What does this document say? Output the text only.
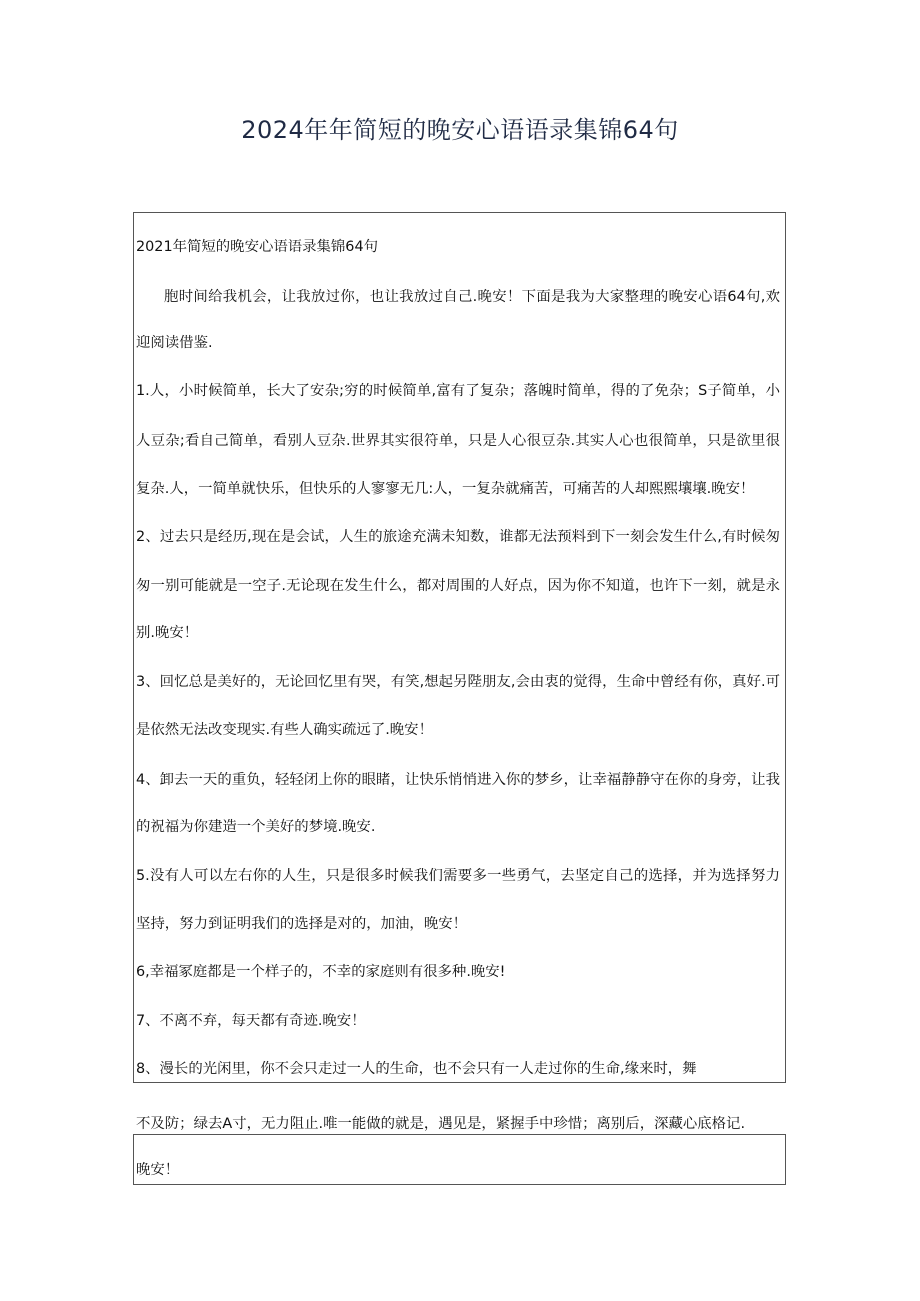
2024年年简短的晚安心语语录集锦64句
2021年简短的晚安心语语录集锦64句
胞时间给我机会，让我放过你，也让我放过自己.晚安！下面是我为大家整理的晚安心语64句,欢
迎阅读借鉴.
1.人，小时候简单，长大了安杂;穷的时候简单,富有了复杂；落魄时简单，得的了免杂；S子简单，小
人豆杂;看自己简单，看别人豆杂.世界其实很符单，只是人心很豆杂.其实人心也很简单，只是欲里很
复杂.人，一简单就快乐，但快乐的人寥寥无几:人，一复杂就痛苦，可痛苦的人却熙熙壤壤.晚安！
2、过去只是经历,现在是会试，人生的旅途充满未知数，谁都无法预料到下一刻会发生什么,有时候匆
匆一别可能就是一空子.无论现在发生什么，都对周围的人好点，因为你不知道，也许下一刻，就是永
别.晚安！
3、回忆总是美好的，无论回忆里有哭，有笑,想起另陛朋友,会由衷的觉得，生命中曾经有你，真好.可
是依然无法改变现实.有些人确实疏远了.晚安！
4、卸去一天的重负，轻轻闭上你的眼睹，让快乐悄悄进入你的梦乡，让幸福静静守在你的身旁，让我
的祝福为你建造一个美好的梦境.晚安.
5.没有人可以左右你的人生，只是很多时候我们需要多一些勇气，去坚定自己的选择，并为选择努力
坚持，努力到证明我们的选择是对的，加油，晚安！
6,幸福冢庭都是一个样子的，不幸的家庭则有很多种.晚安!
7、不离不弃，每天都有奇迹.晚安！
8、漫长的光闲里，你不会只走过一人的生命，也不会只有一人走过你的生命,缘来时，舞
不及防；绿去A寸，无力阻止.唯一能做的就是，遇见是，紧握手中珍惜；离别后，深藏心底格记.
晚安！
